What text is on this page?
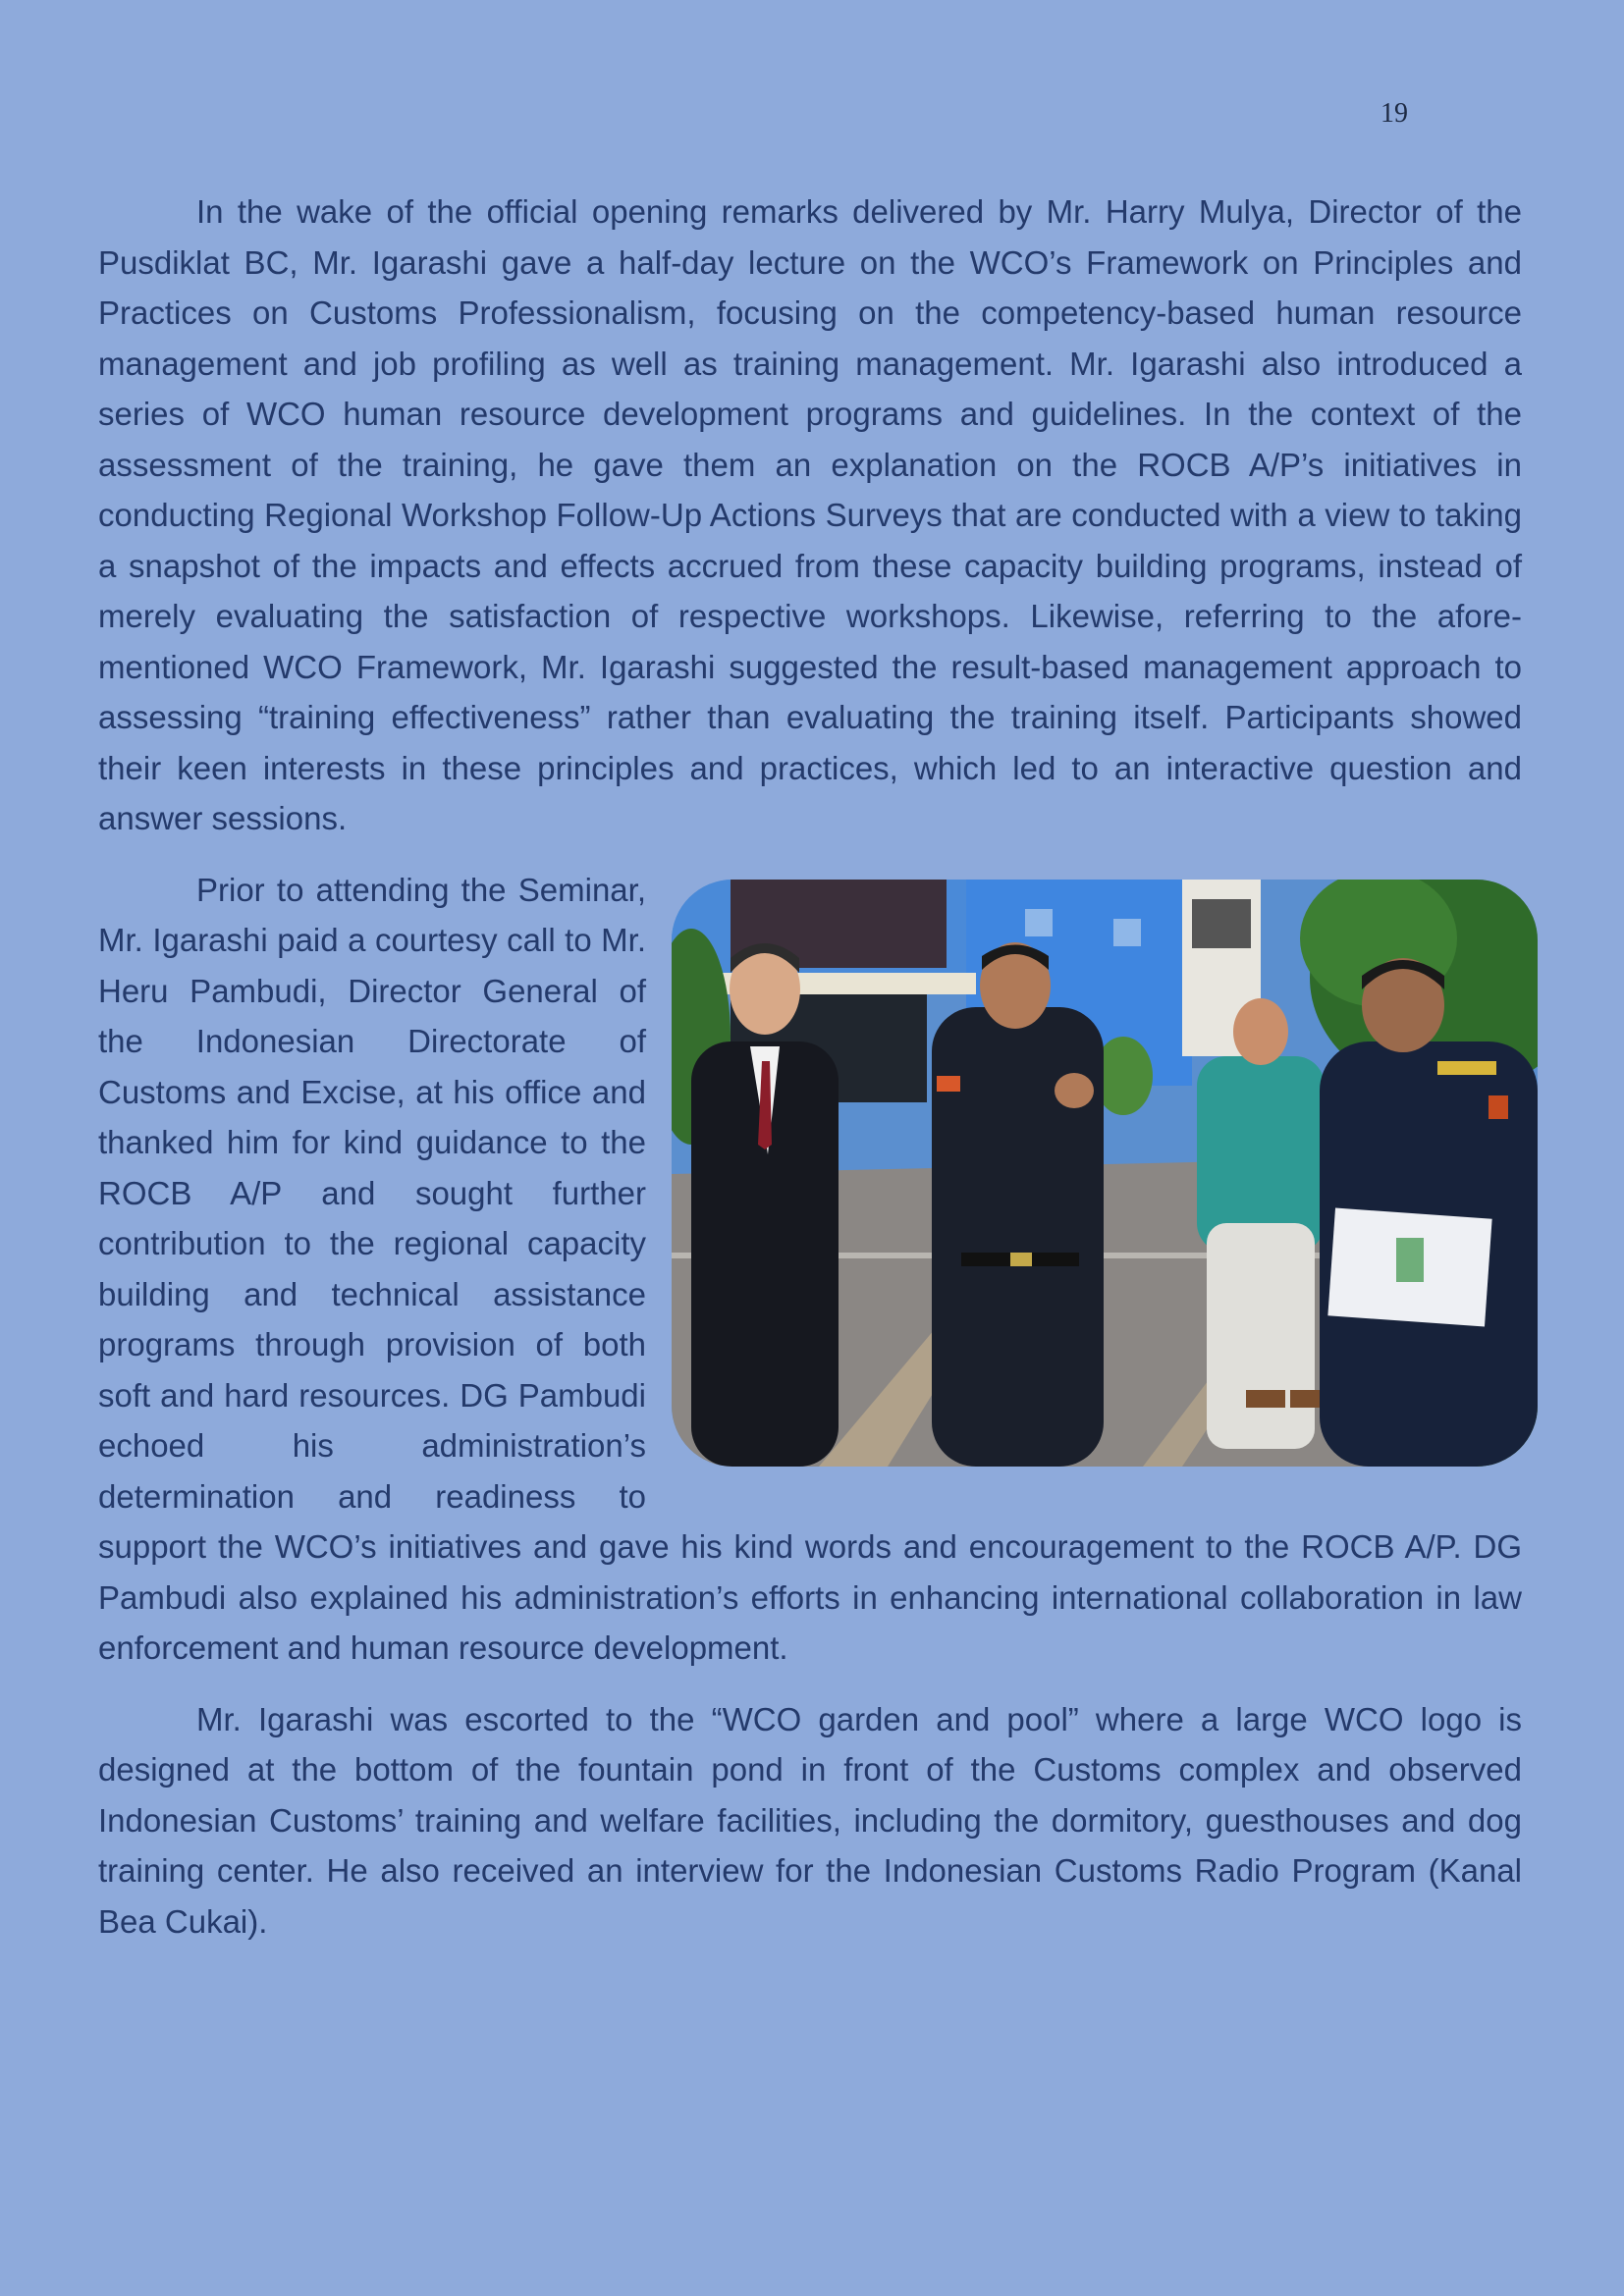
19

In the wake of the official opening remarks delivered by Mr. Harry Mulya, Director of the Pusdiklat BC, Mr. Igarashi gave a half-day lecture on the WCO’s Framework on Principles and Practices on Customs Professionalism, focusing on the competency-based human resource management and job profiling as well as training management. Mr. Igarashi also introduced a series of WCO human resource development programs and guidelines. In the context of the assessment of the training, he gave them an explanation on the ROCB A/P’s initiatives in conducting Regional Workshop Follow-Up Actions Surveys that are conducted with a view to taking a snapshot of the impacts and effects accrued from these capacity building programs, instead of merely evaluating the satisfaction of respective workshops. Likewise, referring to the afore-mentioned WCO Framework, Mr. Igarashi suggested the result-based management approach to assessing “training effectiveness” rather than evaluating the training itself. Participants showed their keen interests in these principles and practices, which led to an interactive question and answer sessions.

Prior to attending the Seminar, Mr. Igarashi paid a courtesy call to Mr. Heru Pambudi, Director General of the Indonesian Directorate of Customs and Excise, at his office and thanked him for kind guidance to the ROCB A/P and sought further contribution to the regional capacity building and technical assistance programs through provision of both soft and hard resources. DG Pambudi echoed his administration’s determination and readiness to support the WCO’s initiatives and gave his kind words and encouragement to the ROCB A/P. DG Pambudi also explained his administration’s efforts in enhancing international collaboration in law enforcement and human resource development.

Mr. Igarashi was escorted to the “WCO garden and pool” where a large WCO logo is designed at the bottom of the fountain pond in front of the Customs complex and observed Indonesian Customs’ training and welfare facilities, including the dormitory, guesthouses and dog training center. He also received an interview for the Indonesian Customs Radio Program (Kanal Bea Cukai).
